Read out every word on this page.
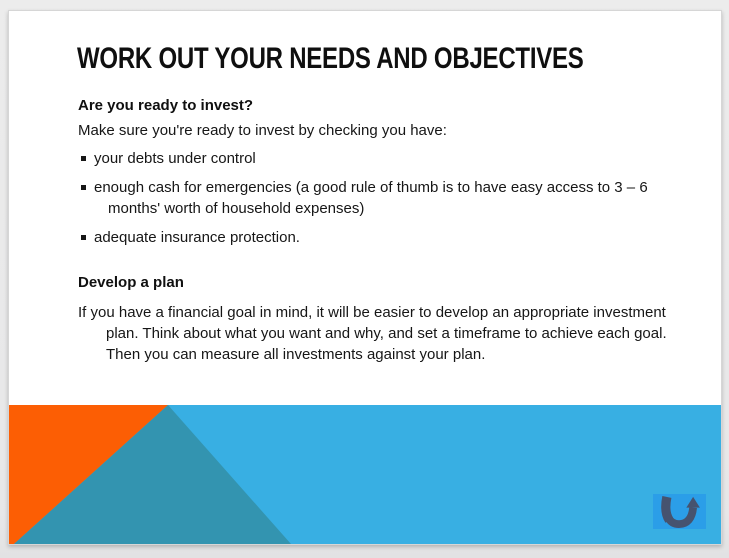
WORK OUT YOUR NEEDS AND OBJECTIVES

Are you ready to invest?

Make sure you're ready to invest by checking you have:

your debts under control
enough cash for emergencies (a good rule of thumb is to have easy access to 3 – 6 months' worth of household expenses)
adequate insurance protection.

Develop a plan

If you have a financial goal in mind, it will be easier to develop an appropriate investment plan. Think about what you want and why, and set a timeframe to achieve each goal. Then you can measure all investments against your plan.
